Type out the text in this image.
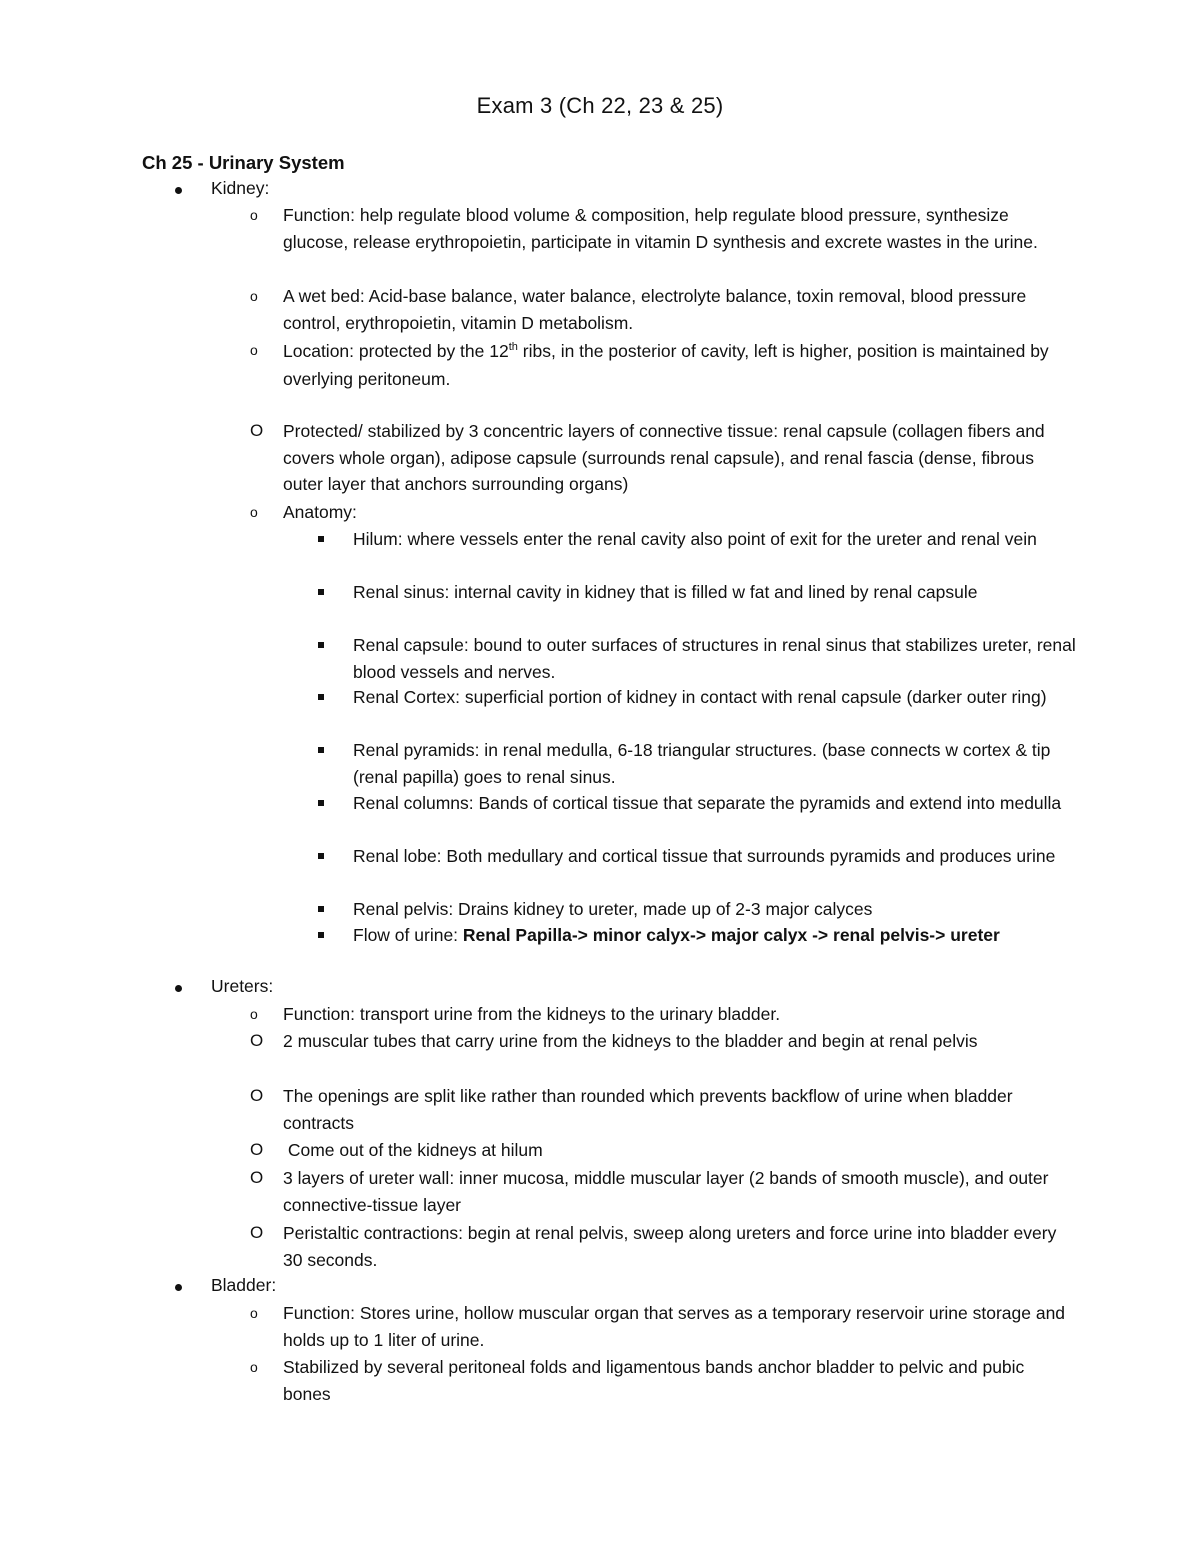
Exam 3 (Ch 22, 23 & 25)
Ch 25 - Urinary System
Kidney:
o Function: help regulate blood volume & composition, help regulate blood pressure, synthesize glucose, release erythropoietin, participate in vitamin D synthesis and excrete wastes in the urine.
o A wet bed: Acid-base balance, water balance, electrolyte balance, toxin removal, blood pressure control, erythropoietin, vitamin D metabolism.
o Location: protected by the 12th ribs, in the posterior of cavity, left is higher, position is maintained by overlying peritoneum.
O Protected/ stabilized by 3 concentric layers of connective tissue: renal capsule (collagen fibers and covers whole organ), adipose capsule (surrounds renal capsule), and renal fascia (dense, fibrous outer layer that anchors surrounding organs)
o Anatomy:
Hilum: where vessels enter the renal cavity also point of exit for the ureter and renal vein
Renal sinus: internal cavity in kidney that is filled w fat and lined by renal capsule
Renal capsule: bound to outer surfaces of structures in renal sinus that stabilizes ureter, renal blood vessels and nerves.
Renal Cortex: superficial portion of kidney in contact with renal capsule (darker outer ring)
Renal pyramids: in renal medulla, 6-18 triangular structures. (base connects w cortex & tip (renal papilla) goes to renal sinus.
Renal columns: Bands of cortical tissue that separate the pyramids and extend into medulla
Renal lobe: Both medullary and cortical tissue that surrounds pyramids and produces urine
Renal pelvis: Drains kidney to ureter, made up of 2-3 major calyces
Flow of urine: Renal Papilla-> minor calyx-> major calyx -> renal pelvis-> ureter
Ureters:
o Function: transport urine from the kidneys to the urinary bladder.
O 2 muscular tubes that carry urine from the kidneys to the bladder and begin at renal pelvis
O The openings are split like rather than rounded which prevents backflow of urine when bladder contracts
O Come out of the kidneys at hilum
O 3 layers of ureter wall: inner mucosa, middle muscular layer (2 bands of smooth muscle), and outer connective-tissue layer
O Peristaltic contractions: begin at renal pelvis, sweep along ureters and force urine into bladder every 30 seconds.
Bladder:
o Function: Stores urine, hollow muscular organ that serves as a temporary reservoir urine storage and holds up to 1 liter of urine.
o Stabilized by several peritoneal folds and ligamentous bands anchor bladder to pelvic and pubic bones
